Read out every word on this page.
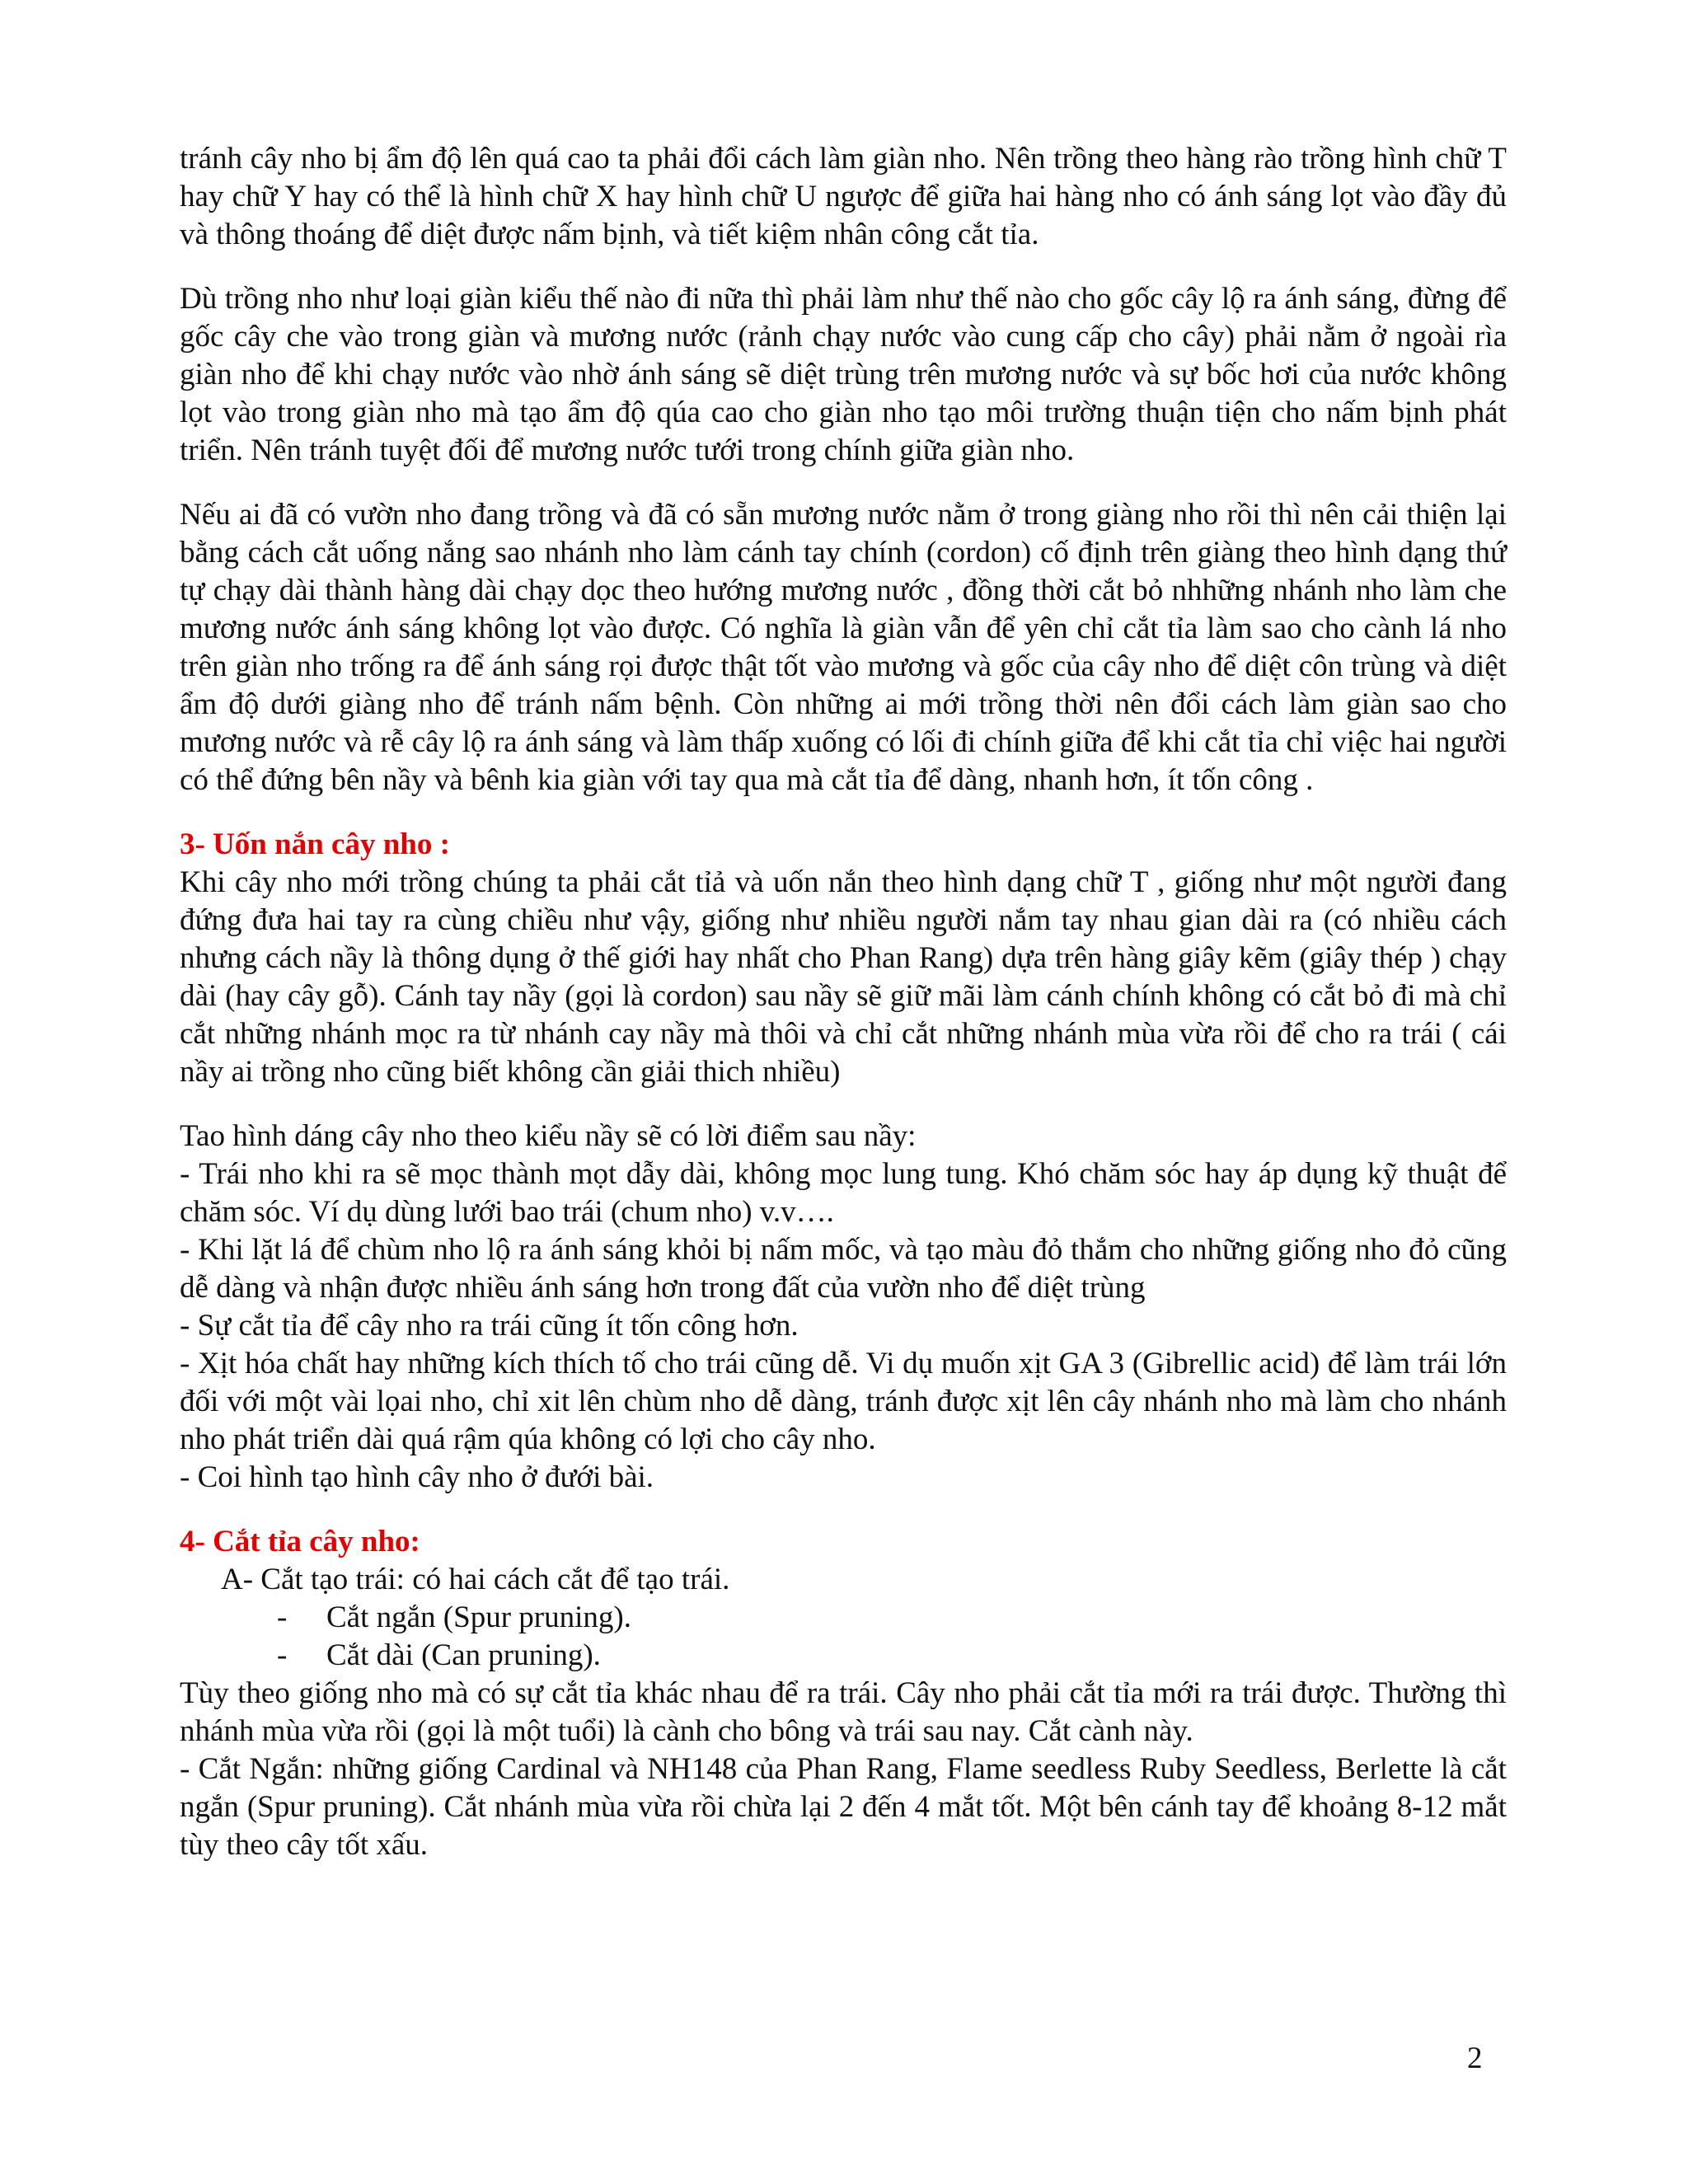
tránh cây nho bị ẩm độ lên quá cao ta phải đổi cách làm giàn nho. Nên trồng theo hàng rào trồng hình chữ T hay chữ Y hay có thể là hình chữ X hay hình chữ U ngược để giữa hai hàng nho có ánh sáng lọt vào đầy đủ và thông thoáng để diệt được nấm bịnh, và tiết kiệm nhân công cắt tỉa.

Dù trồng nho như loại giàn kiểu thế nào đi nữa thì phải làm như thế nào cho gốc cây lộ ra ánh sáng, đừng để gốc cây che vào trong giàn và mương nước (rảnh chạy nước vào cung cấp cho cây) phải nằm ở ngoài rìa giàn nho để khi chạy nước vào nhờ ánh sáng sẽ diệt trùng trên mương nước và sự bốc hơi của nước không lọt vào trong giàn nho mà tạo ẩm độ qúa cao cho giàn nho tạo môi trường thuận tiện cho nấm bịnh phát triển. Nên tránh tuyệt đối để mương nước tưới trong chính giữa giàn nho.

Nếu ai đã có vườn nho đang trồng và đã có sẵn mương nước nằm ở trong giàng nho rồi thì nên cải thiện lại bằng cách cắt uống nắng sao nhánh nho làm cánh tay chính (cordon) cố định trên giàng theo hình dạng thứ tự chạy dài thành hàng dài chạy dọc theo hướng mương nước , đồng thời cắt bỏ nhhững nhánh nho làm che mương nước ánh sáng không lọt vào được. Có nghĩa là giàn vẫn để yên chỉ cắt tỉa làm sao cho cành lá nho trên giàn nho trống ra để ánh sáng rọi được thật tốt vào mương và gốc của cây nho để diệt côn trùng và diệt ẩm độ dưới giàng nho để tránh nấm bệnh. Còn những ai mới trồng thời nên đổi cách làm giàn sao cho mương nước và rễ cây lộ ra ánh sáng và làm thấp xuống có lối đi chính giữa để khi cắt tỉa chỉ việc hai người có thể đứng bên nầy và bênh kia giàn với tay qua mà cắt tỉa để dàng, nhanh hơn, ít tốn công .

3- Uốn nắn cây nho :

Khi cây nho mới trồng chúng ta phải cắt tỉả và uốn nắn theo hình dạng chữ T , giống như một người đang đứng đưa hai tay ra cùng chiều như vậy, giống như nhiều người nắm tay nhau gian dài ra (có nhiều cách nhưng cách nầy là thông dụng ở thế giới hay nhất cho Phan Rang) dựa trên hàng giây kẽm (giây thép ) chạy dài (hay cây gỗ). Cánh tay nầy (gọi là cordon) sau nầy sẽ giữ mãi làm cánh chính không có cắt bỏ đi mà chỉ cắt những nhánh mọc ra từ nhánh cay nầy mà thôi và chỉ cắt những nhánh mùa vừa rồi để cho ra trái ( cái nầy ai trồng nho cũng biết không cần giải thich nhiều)

Tao hình dáng cây nho theo kiểu nầy sẽ có lời điểm sau nầy:

- Trái nho khi ra sẽ mọc thành mọt dẫy dài, không mọc lung tung. Khó chăm sóc hay áp dụng kỹ thuật để chăm sóc. Ví dụ dùng lưới bao trái (chum nho) v.v….

- Khi lặt lá để chùm nho lộ ra ánh sáng khỏi bị nấm mốc, và tạo màu đỏ thắm cho những giống nho đỏ cũng dễ dàng và nhận được nhiều ánh sáng hơn trong đất của vườn nho để diệt trùng

- Sự cắt tỉa để cây nho ra trái cũng ít tốn công hơn.

- Xịt hóa chất hay những kích thích tố cho trái cũng dễ. Vi dụ muốn xịt GA 3 (Gibrellic acid) để làm trái lớn đối với một vài lọai nho, chỉ xit lên chùm nho dễ dàng, tránh được xịt lên cây nhánh nho mà làm cho nhánh nho phát triển dài quá rậm qúa không có lợi cho cây nho.

- Coi hình tạo hình cây nho ở đưới bài.

4- Cắt tỉa cây nho:

A- Cắt tạo trái: có hai cách cắt để tạo trái.

-	Cắt ngắn (Spur pruning).
-	Cắt dài (Can pruning).

Tùy theo giống nho mà có sự cắt tỉa khác nhau để ra trái. Cây nho phải cắt tỉa mới ra trái được. Thường thì nhánh mùa vừa rồi (gọi là một tuổi) là cành cho bông và trái sau nay. Cắt cành này.

- Cắt Ngắn: những giống Cardinal và NH148 của Phan Rang, Flame seedless Ruby Seedless, Berlette là cắt ngắn (Spur pruning). Cắt nhánh mùa vừa rồi chừa lại 2 đến 4 mắt tốt. Một bên cánh tay để khoảng 8-12 mắt tùy theo cây tốt xấu.

2
